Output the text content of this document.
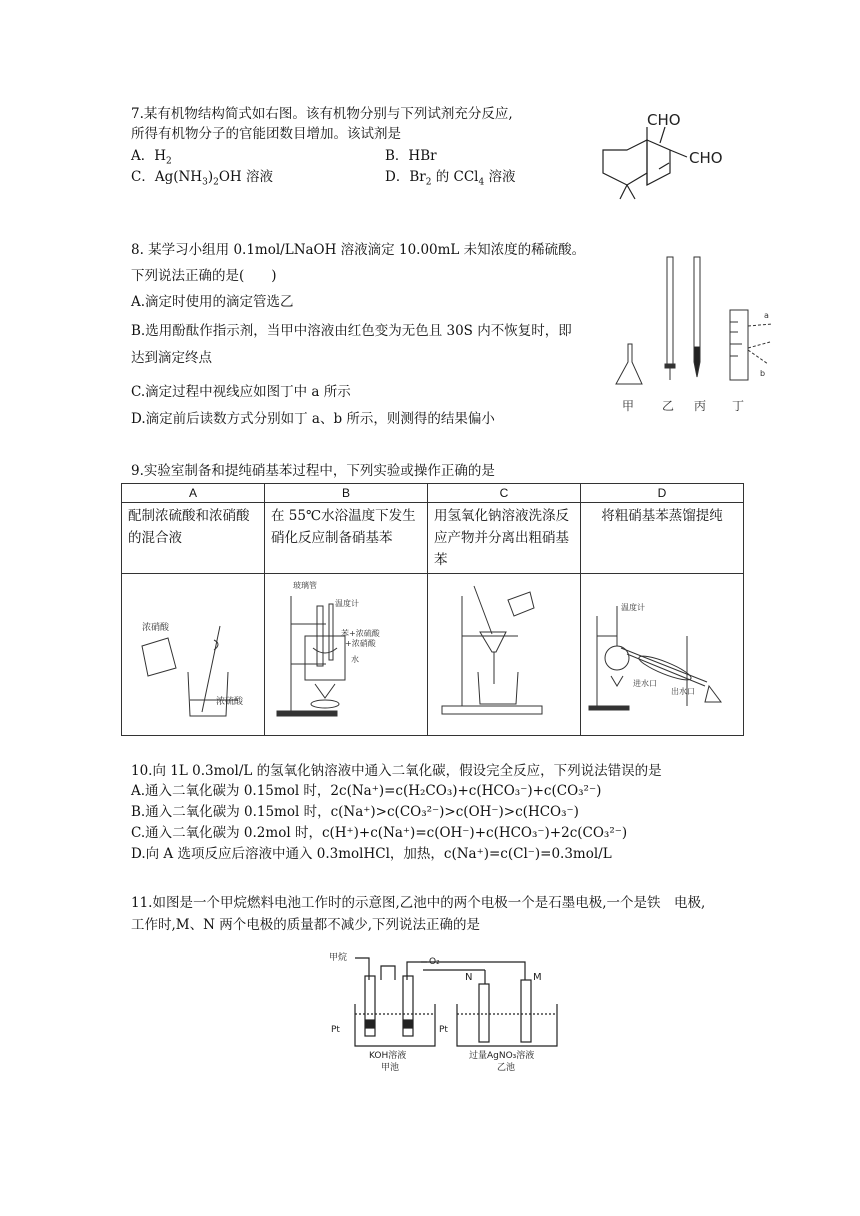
7.某有机物结构简式如右图。该有机物分别与下列试剂充分反应,
所得有机物分子的官能团数目增加。该试剂是
A．$H_2$	B．HBr
C．$Ag(NH_3)_2OH$ 溶液	D．$Br_2$ 的 CCl$_4$ 溶液
CHO
CHO
8. 某学习小组用 0.1mol/LNaOH 溶液滴定 10.00mL 未知浓度的稀硫酸。
下列说法正确的是(　　)
A.滴定时使用的滴定管选乙
B.选用酚酞作指示剂，当甲中溶液由红色变为无色且 30S 内不恢复时，即
达到滴定终点
C.滴定过程中视线应如图丁中 a 所示
D.滴定前后读数方式分别如丁 a、b 所示，则测得的结果偏小
a
b
甲 乙 丙 丁
9.实验室制备和提纯硝基苯过程中，下列实验或操作正确的是
A	B	C	D
配制浓硫酸和浓硝酸的混合液	在 55℃水浴温度下发生硝化反应制备硝基苯	用氢氧化钠溶液洗涤反应产物并分离出粗硝基苯	将粗硝基苯蒸馏提纯

浓硝酸
浓硫酸	玻璃管
温度计
苯+浓硫酸
+浓硝酸
水		温度计
进水口
出水口
10.向 1L 0.3mol/L 的氢氧化钠溶液中通入二氧化碳，假设完全反应，下列说法错误的是
A.通入二氧化碳为 0.15mol 时，2c(Na⁺)=c(H₂CO₃)+c(HCO₃⁻)+c(CO₃²⁻)
B.通入二氧化碳为 0.15mol 时，c(Na⁺)>c(CO₃²⁻)>c(OH⁻)>c(HCO₃⁻)
C.通入二氧化碳为 0.2mol 时，c(H⁺)+c(Na⁺)=c(OH⁻)+c(HCO₃⁻)+2c(CO₃²⁻)
D.向 A 选项反应后溶液中通入 0.3molHCl，加热，c(Na⁺)=c(Cl⁻)=0.3mol/L
11.如图是一个甲烷燃料电池工作时的示意图,乙池中的两个电极一个是石墨电极,一个是铁　电极,
工作时,M、N 两个电极的质量都不减少,下列说法正确的是
甲烷	O₂
Pt	Pt
KOH溶液
甲池
N	M
过量AgNO₃溶液
乙池
